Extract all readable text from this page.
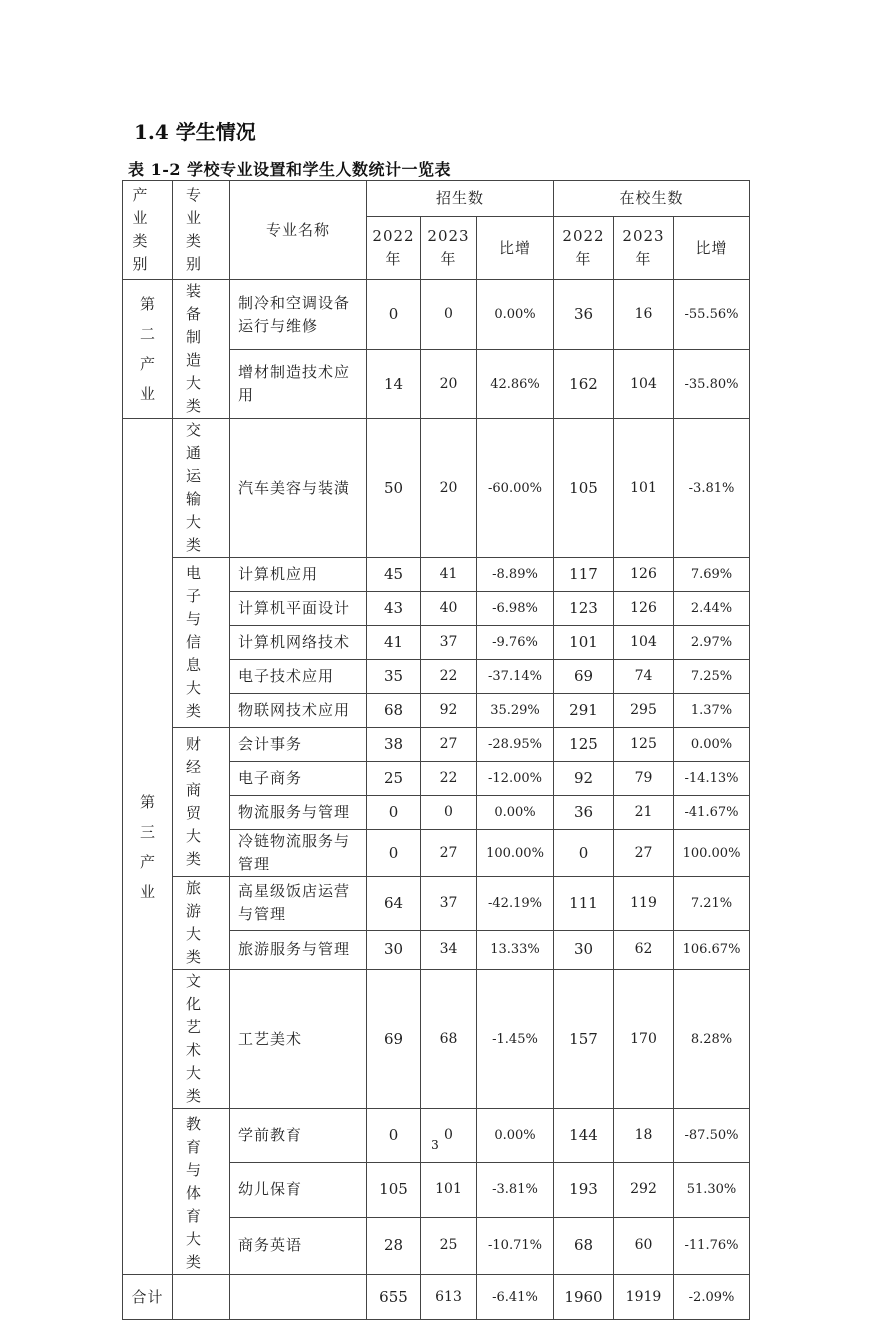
1.4 学生情况
表 1-2 学校专业设置和学生人数统计一览表
产业类别	专业类别	专业名称	招生数			在校生数		
			2022年	2023年	比增	2022年	2023年	比增
第二产业	装备制造大类	制冷和空调设备运行与维修	0	0	0.00%	36	16	-55.56%
		增材制造技术应用	14	20	42.86%	162	104	-35.80%
第三产业	交通运输大类	汽车美容与装潢	50	20	-60.00%	105	101	-3.81%
	电子与信息大类	计算机应用	45	41	-8.89%	117	126	7.69%
		计算机平面设计	43	40	-6.98%	123	126	2.44%
		计算机网络技术	41	37	-9.76%	101	104	2.97%
		电子技术应用	35	22	-37.14%	69	74	7.25%
		物联网技术应用	68	92	35.29%	291	295	1.37%
	财经商贸大类	会计事务	38	27	-28.95%	125	125	0.00%
		电子商务	25	22	-12.00%	92	79	-14.13%
		物流服务与管理	0	0	0.00%	36	21	-41.67%
		冷链物流服务与管理	0	27	100.00%	0	27	100.00%
	旅游大类	高星级饭店运营与管理	64	37	-42.19%	111	119	7.21%
		旅游服务与管理	30	34	13.33%	30	62	106.67%
	文化艺术大类	工艺美术	69	68	-1.45%	157	170	8.28%
	教育与体育大类	学前教育	0	0	0.00%	144	18	-87.50%
		幼儿保育	105	101	-3.81%	193	292	51.30%
		商务英语	28	25	-10.71%	68	60	-11.76%
合计			655	613	-6.41%	1960	1919	-2.09%
3
